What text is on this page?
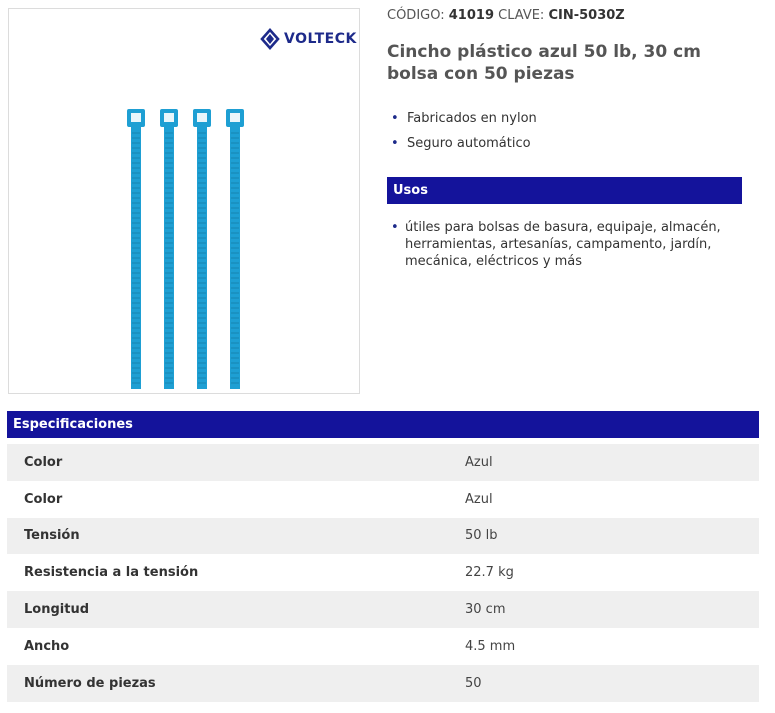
VOLTECK
CÓDIGO: 41019 CLAVE: CIN-5030Z
Cincho plástico azul 50 lb, 30 cm bolsa con 50 piezas
• Fabricados en nylon
• Seguro automático
Usos
• útiles para bolsas de basura, equipaje, almacén, herramientas, artesanías, campamento, jardín, mecánica, eléctricos y más
Especificaciones
Color	Azul
Color	Azul
Tensión	50 lb
Resistencia a la tensión	22.7 kg
Longitud	30 cm
Ancho	4.5 mm
Número de piezas	50
